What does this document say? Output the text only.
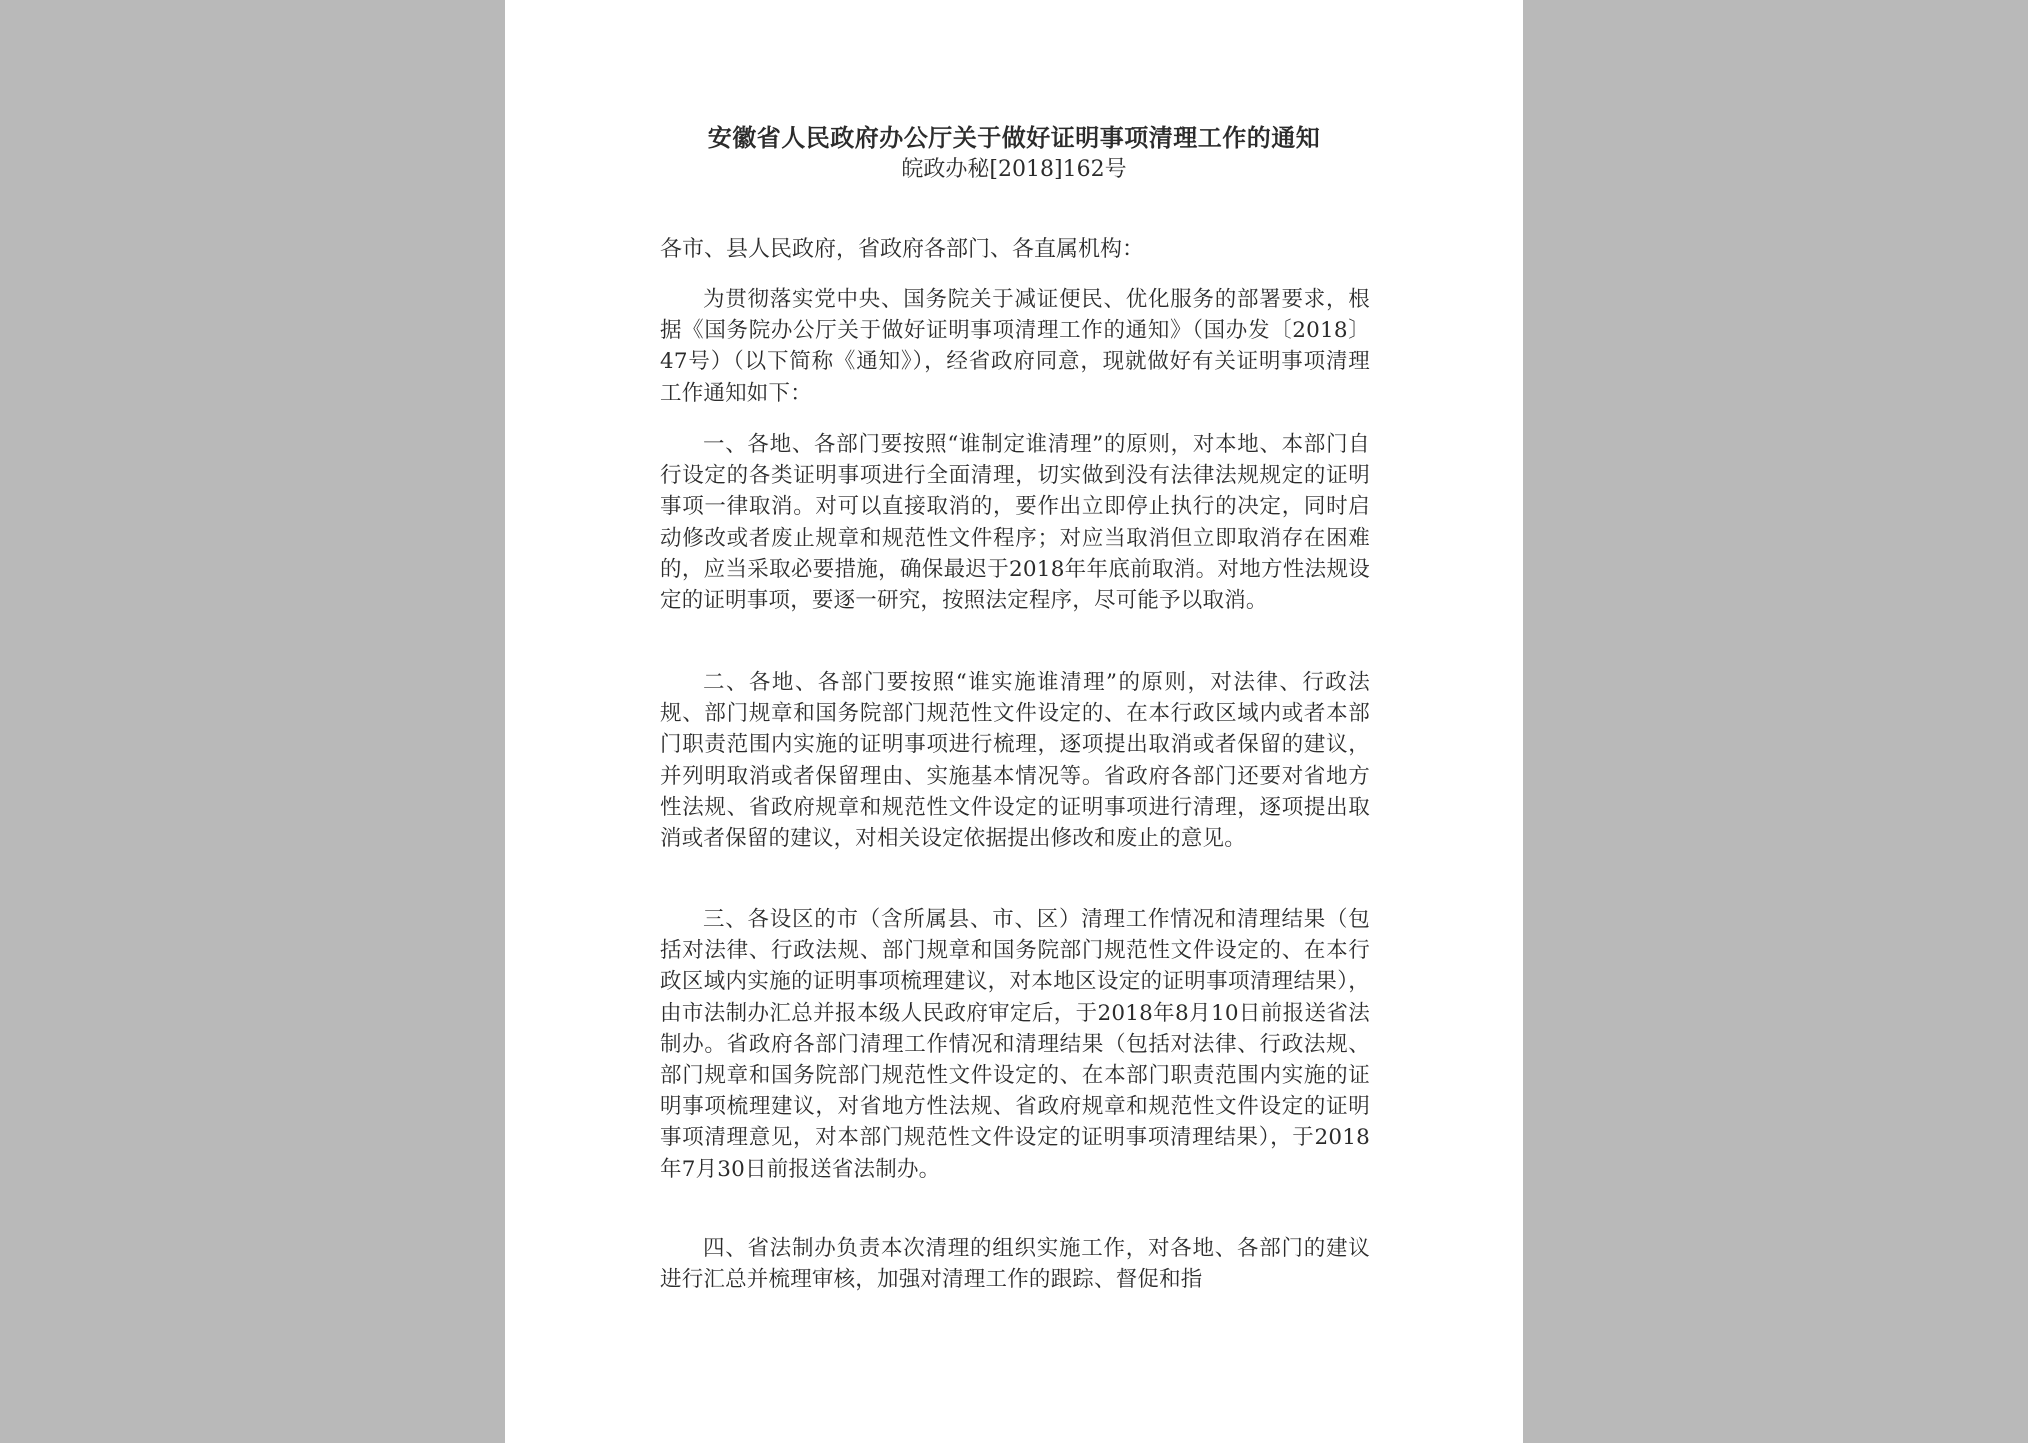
安徽省人民政府办公厅关于做好证明事项清理工作的通知
皖政办秘[2018]162号
各市、县人民政府，省政府各部门、各直属机构：

为贯彻落实党中央、国务院关于减证便民、优化服务的部署要求，根据《国务院办公厅关于做好证明事项清理工作的通知》（国办发〔2018〕47号）（以下简称《通知》），经省政府同意，现就做好有关证明事项清理工作通知如下：

一、各地、各部门要按照“谁制定谁清理”的原则，对本地、本部门自行设定的各类证明事项进行全面清理，切实做到没有法律法规规定的证明事项一律取消。对可以直接取消的，要作出立即停止执行的决定，同时启动修改或者废止规章和规范性文件程序；对应当取消但立即取消存在困难的，应当采取必要措施，确保最迟于2018年年底前取消。对地方性法规设定的证明事项，要逐一研究，按照法定程序，尽可能予以取消。

二、各地、各部门要按照“谁实施谁清理”的原则，对法律、行政法规、部门规章和国务院部门规范性文件设定的、在本行政区域内或者本部门职责范围内实施的证明事项进行梳理，逐项提出取消或者保留的建议，并列明取消或者保留理由、实施基本情况等。省政府各部门还要对省地方性法规、省政府规章和规范性文件设定的证明事项进行清理，逐项提出取消或者保留的建议，对相关设定依据提出修改和废止的意见。

三、各设区的市（含所属县、市、区）清理工作情况和清理结果（包括对法律、行政法规、部门规章和国务院部门规范性文件设定的、在本行政区域内实施的证明事项梳理建议，对本地区设定的证明事项清理结果），由市法制办汇总并报本级人民政府审定后，于2018年8月10日前报送省法制办。省政府各部门清理工作情况和清理结果（包括对法律、行政法规、部门规章和国务院部门规范性文件设定的、在本部门职责范围内实施的证明事项梳理建议，对省地方性法规、省政府规章和规范性文件设定的证明事项清理意见，对本部门规范性文件设定的证明事项清理结果），于2018年7月30日前报送省法制办。

四、省法制办负责本次清理的组织实施工作，对各地、各部门的建议进行汇总并梳理审核，加强对清理工作的跟踪、督促和指
